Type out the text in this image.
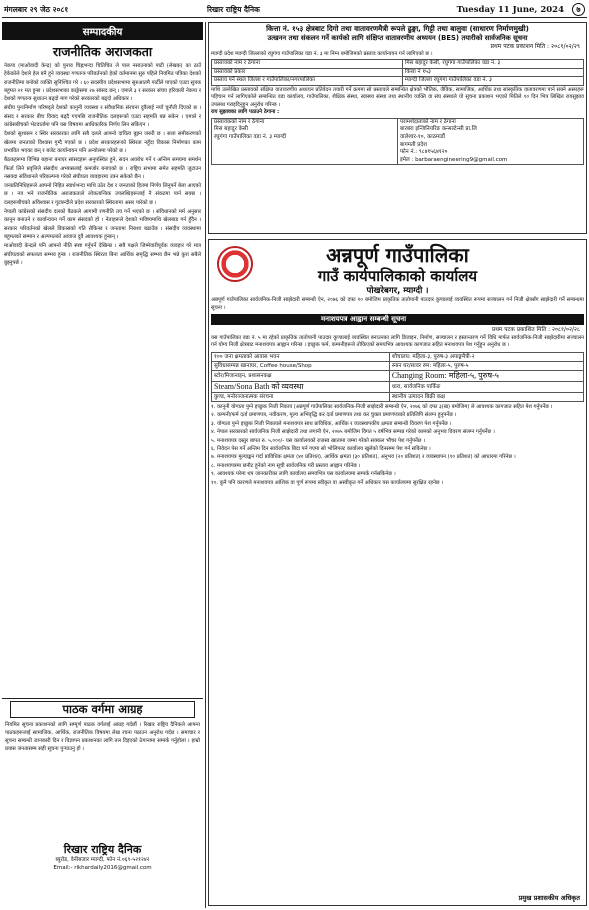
मंगलबार २९ जेठ २०८१	रिखार राष्ट्रिय दैनिक	Tuesday 11 June, 2024 ७
सम्पादकीय
राजनीतिक अराजकता

नेकपा (माओवादी केन्द्र) को पुनाव चिह्नभन्दा चितिचित ले पाल नसाउनाको पाटी (लेखक) का ठाउँ हेकेकोले देशले हेल बनै हुने व्यवस्था गणतन्त्र परिवर्तनको हेको वर्तमानमा सुरु पहिले नियमित पत्रिका देशको राजनीतिमा बनोको व्यक्ति सुनिश्चित गरे । ६० सदस्यीय प्रदेशसभामा सुरुआतमै पार्टीले पाएको एउटा सुत्रक बहुमत २१ मत हुन्छ । प्रदेशसभाका काङ्रेसमा २७ सांसद छन् । एमाले ३ र सरकार संचय हरियाली नेकपा र देशको गणतन्त्र सुधाउन बढ्दो माग गरेको सरकारको बढ्दो अधिकार ।

संघीय पुनःनिर्माण परिषद्ले देशको कानुनी व्यवस्था र संवैधानिक संरचना दुवैलाई नयाँ चुनौती दिएको छ । संसद र सरकार बीच विवाद बढ्दै गएपछि राजनीतिक दलहरूको एउटा सहमति बन्न सकेन । एमाले र कांग्रेसबीचको भेटवार्तामा पनि यस विषयमा आधिकारिक निर्णय लिन सकिएन ।

देशको सुशासन र स्थिर सरकारका लागि सबै दलले आफ्नो दायित्व बुझ्न जरुरी छ । सत्ता समीकरणको खेलमा जनताको विश्वास गुम्दै गएको छ । प्रदेश सरकारहरूको स्थिरता नहुँदा विकास निर्माणका काम प्रभावित भएका छन् र बजेट कार्यान्वयन पनि अन्योलमा परेको छ ।

बैठकहरूमा विभिन्न बहाना बनाएर सांसदहरू अनुपस्थित हुने, सदन अवरोध गर्ने र अन्तिम समयमा समर्थन फिर्ता लिने प्रवृत्तिले संसदीय अभ्यासलाई कमजोर बनाएको छ । राष्ट्रिय सभामा समेत सहमति जुटाउन नसक्दा संविधानले परिकल्पना गरेको संघीयता व्यवहारमा उत्रन सकेको छैन ।

जनप्रतिनिधिहरूले आफ्नो निहित स्वार्थभन्दा माथि उठेर देश र जनताको हितमा निर्णय लिनुपर्ने बेला आएको छ । नत्र भने राजनीतिक अराजकताले लोकतान्त्रिक उपलब्धिहरूलाई नै संकटमा पार्न सक्छ । दलहरूबीचको अविश्वास र गुटबन्दीले प्रदेश सरकारको स्थिरतामा असर पारेको छ ।

नेपाली कांग्रेसको संसदीय दलको बैठकले आगामी रणनीति तय गर्ने भएको छ । संविधानको मर्म अनुसार कानुन बनाउने र कार्यान्वयन गर्ने काम संसदको हो । नेताहरूले देशको भविष्यमाथि खेलबाड गर्न हुँदैन । सरकार परिवर्तनको खेलले विकासको गति रोकिन्छ र जनतामा निराशा बढाउँछ । संसदीय व्यवस्थामा बहुमतको सम्मान र अल्पमतको आवाज दुवै आवश्यक हुन्छन् ।

माओवादी केन्द्रले पनि आफ्नो नीति स्पष्ट गर्नुपर्ने देखिन्छ । सबै पक्षले जिम्मेवारीपूर्वक व्यवहार गरे मात्र संघीयताको सफलता सम्भव हुन्छ । राजनीतिक स्थिरता बिना आर्थिक समृद्धि सम्भव छैन भन्ने कुरा सबैले बुझ्नुपर्छ ।

पाठक वर्गमा आग्रह
नियमित सूचना प्रकाशनको लागि सम्पूर्ण पाठक वर्गलाई आग्रह गर्दछौं । रिखार राष्ट्रिय दैनिकले आफ्ना पाठकहरूलाई सामाजिक, आर्थिक, राजनीतिक विषयमा लेख रचना पठाउन अनुरोध गर्दछ । समाचार र सूचना सम्बन्धी जानकारी दिन र विज्ञापन प्रकाशनका लागि तल दिइएको ठेगानामा सम्पर्क गर्नुहोला । हाम्रो प्रयास जनतासम्म सही सूचना पुर्‍याउनु हो ।
रिखार राष्ट्रिय दैनिक
ब्युरोड, वेनीबजार म्याग्दी, फोन नं.०६९-५२१२४२
Email:- rikhardaily2016@gmail.com
कित्ता नं. १५३ क्षेत्रबाट दिगो तथा वातावरणमैत्री रूपले ढुङ्गा, गिट्टी तथा बालुवा (साधारण निर्माणमुखी)
उत्खनन तथा संकलन गर्ने कार्यको लागि संक्षिप्त वातावरणीय अध्ययन (BES) तयारीको सार्वजनिक सूचना
प्रथम पटक प्रकाशन मिति : २०८१/०२/२९
म्याग्दी प्रदेश म्याग्दी जिल्लाको रघुगंगा गाउँपालिका वडा नं. ३ मा निम्न बमोजिमको प्रस्ताव कार्यान्वयन गर्न लागिएको छ ।
प्रस्तावको नाम र ठेगाना	मिस बहादुर केसी, रघुगंगा गाउँपालिका वडा नं. ३
प्रस्तावको प्रकार	कित्ता नं १५३
प्रस्ताव पर्ने स्थल जिल्ला र गाउँपालिका/नगरपालिका	म्याग्दी जिल्ला रघुगंगा गाउँपालिका वडा नं. ३
माथि उल्लेखित प्रस्तावको संक्षिप्त वातावरणीय अध्ययन प्रतिवेदन तयारी गर्ने क्रममा सो प्रस्तावले सम्बन्धित क्षेत्रको भौतिक, जैविक, सामाजिक, आर्थिक तथा सांस्कृतिक वातावरणमा पार्न सक्ने असरहरू पहिचान गर्न लागिएकोले सम्बन्धित वडा कार्यालय, गाउँपालिका, शैक्षिक संस्था, स्वास्थ्य संस्था तथा स्थानीय व्यक्ति वा संघ संस्थाले यो सूचना प्रकाशन भएको मितिले १० दिन भित्र लिखित रायसुझाव उपलब्ध गराइदिनुहुन अनुरोध गरिन्छ ।
राय सुझावका लागि पठाउने ठेगाना :
प्रस्तावकको नाम र ठेगाना
मिस बहादुर केसी
रघुगंगा गाउँपालिका वडा नं. ३ म्याग्दी	परामर्शदाताको नाम र ठेगाना
बारबरा इन्जिनियरिङ कन्सल्टेन्सी प्रा.लि
वालेश्वर-१०, काठमाडौं
बागमती प्रदेश
फोन नं.: ९८४१५६४१२०
इमेल : barbaraengineering9@gmail.com
अन्नपूर्ण गाउँपालिका
गाउँ कार्यपालिकाको कार्यालय
पोखरेबगर, म्याग्दी ।
अन्नपूर्ण गाउँपालिका सार्वजनिक-निजी साझेदारी सम्बन्धी ऐन, २०७६ को दफा १० बमोजिम प्राकृतिक तातोपानी पाउदार कुण्डलाई व्यवस्थित रूपमा सञ्चालन गर्न निजी क्षेत्रसँग साझेदारी गर्ने सम्बन्धमा सूचना ।
मनाशयपत्र आह्वान सम्बन्धी सूचना
प्रथम पटक प्रकाशित मिति : २०८१/०२/२८
यस गाउँपालिका वडा नं. ५ मा रहेको प्राकृतिक तातोपानी पाउदार कुण्डलाई व्यवस्थित बनाउनका लागि डिजाइन, निर्माण, सञ्चालन र हस्तान्तरण गर्ने विधि मार्फत सार्वजनिक-निजी साझेदारीमा सञ्चालन गर्न योग्य निजी क्षेत्रबाट मनाशयपत्र आह्वान गरिन्छ । इच्छुक फर्म, कम्पनीहरूले तोकिएको समयभित्र आवश्यक कागजात सहित मनाशयपत्र पेश गर्नुहुन अनुरोध छ ।
१०० जना क्षमताको आवास भवन	शौचालय: महिला-३, पुरुष-३ अपाङ्गमैत्री-२
सुविधासम्पन्न खानाघर, Coffee house/Shop	स्नान घर/सावर रुम: महिला-५, पुरुष-५
स्टोर/मिजानाइन, प्रशासनकक्ष	Changing Room: महिला-५, पुरुष-५
Steam/Sona Bath को व्यवस्था	धारा, सार्वजनिक पार्किङ
कुण्ड, मनोरञ्जनात्मक संरचना	स्थानीय उत्पादन बिक्री कक्ष
१. कानुनी योग्यता पुग्ने इच्छुक निजी निकाय (अन्नपूर्ण गाउँपालिका सार्वजनिक-निजी साझेदारी सम्बन्धी ऐन, २०७६ को दफा ३(ख) बमोजिम) ले आवश्यक कागजात सहित पेश गर्नुपर्नेछ ।
२. कम्पनी/फर्म दर्ता प्रमाणपत्र, नवीकरण, मूल्य अभिवृद्धि कर दर्ता प्रमाणपत्र तथा कर चुक्ता प्रमाणपत्रको प्रतिलिपि संलग्न हुनुपर्नेछ ।
३. योग्यता पुग्ने इच्छुक निजी निकायले मनाशयपत्र साथ प्राविधिक, आर्थिक र व्यवस्थापकीय क्षमता सम्बन्धी विवरण पेश गर्नुपर्नेछ ।
४. नेपाल सरकारको सार्वजनिक निजी साझेदारी तथा लगानी ऐन, २०७५ बमोजिम विगत ५ वर्षभित्र सम्पन्न गरेको कामको अनुभव विवरण संलग्न गर्नुपर्नेछ ।
५. मनाशयपत्र दस्तुर बापत रु. ५,०००/- यस कार्यालयको राजस्व खातामा जम्मा गरेको सक्कल भौचर पेश गर्नुपर्नेछ ।
६. निवेदन पेस गर्ने अन्तिम दिन सार्वजनिक बिदा पर्न गएमा सो भोलिपल्ट कार्यालय खुलेको दिनसम्म पेश गर्न सकिनेछ ।
७. मनाशयपत्र मूल्याङ्कन गर्दा प्राविधिक क्षमता (४० प्रतिशत), आर्थिक क्षमता (३० प्रतिशत), अनुभव (२० प्रतिशत) र व्यवस्थापन (१० प्रतिशत) को आधारमा गरिनेछ ।
८. मनाशयपत्रमा छनौट हुनेको नाम सूची सार्वजनिक गरी प्रस्ताव आह्वान गरिनेछ ।
९. आवश्यक परेमा थप जानकारीका लागि कार्यालय समयभित्र यस कार्यालयमा सम्पर्क गर्नसकिनेछ ।
१०. कुनै पनि कारणले मनाशयपत्र आंशिक वा पूर्ण रूपमा स्वीकृत वा अस्वीकृत गर्ने अधिकार यस कार्यालयमा सुरक्षित रहनेछ ।
प्रमुख प्रशासकीय अधिकृत
